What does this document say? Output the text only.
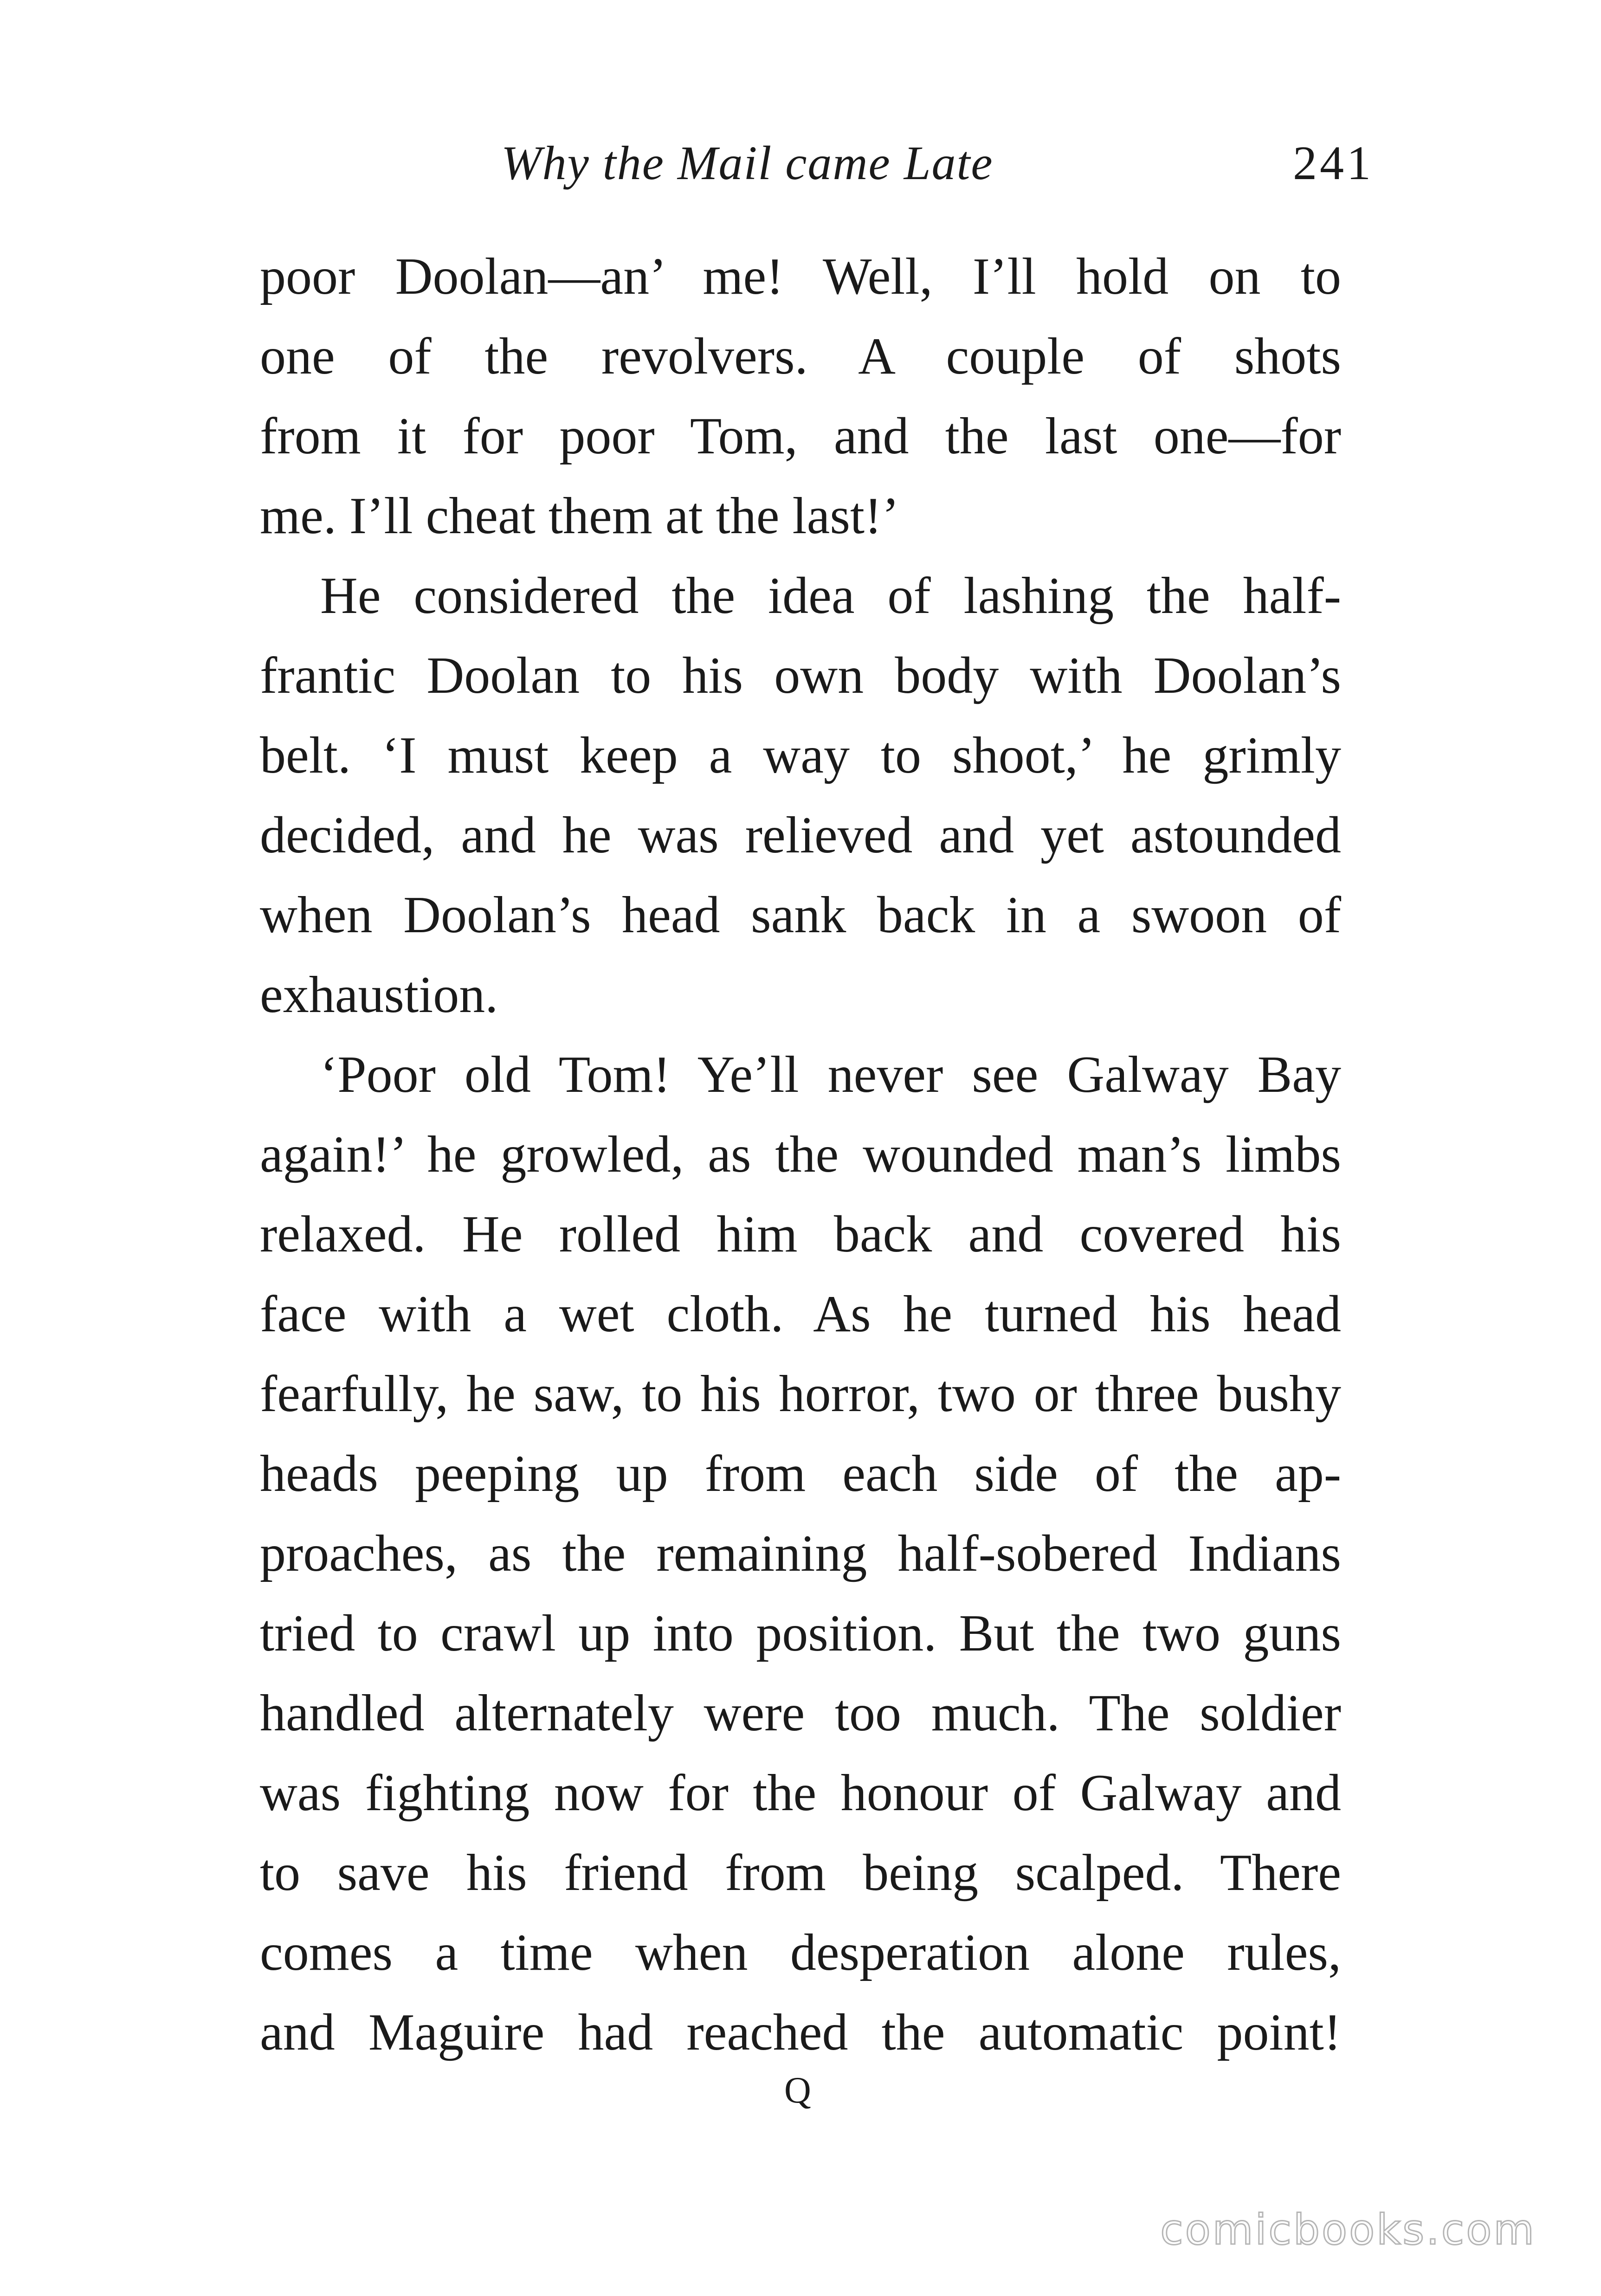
Why the Mail came Late	241

poor Doolan—an’ me! Well, I’ll hold on to
one of the revolvers. A couple of shots
from it for poor Tom, and the last one—for
me. I’ll cheat them at the last!’

He considered the idea of lashing the half-
frantic Doolan to his own body with Doolan’s
belt. ‘I must keep a way to shoot,’ he grimly
decided, and he was relieved and yet astounded
when Doolan’s head sank back in a swoon of
exhaustion.

‘Poor old Tom! Ye’ll never see Galway Bay
again!’ he growled, as the wounded man’s limbs
relaxed. He rolled him back and covered his
face with a wet cloth. As he turned his head
fearfully, he saw, to his horror, two or three bushy
heads peeping up from each side of the ap-
proaches, as the remaining half-sobered Indians
tried to crawl up into position. But the two guns
handled alternately were too much. The soldier
was fighting now for the honour of Galway and
to save his friend from being scalped. There
comes a time when desperation alone rules,
and Maguire had reached the automatic point!

Q
comicbooks.com
